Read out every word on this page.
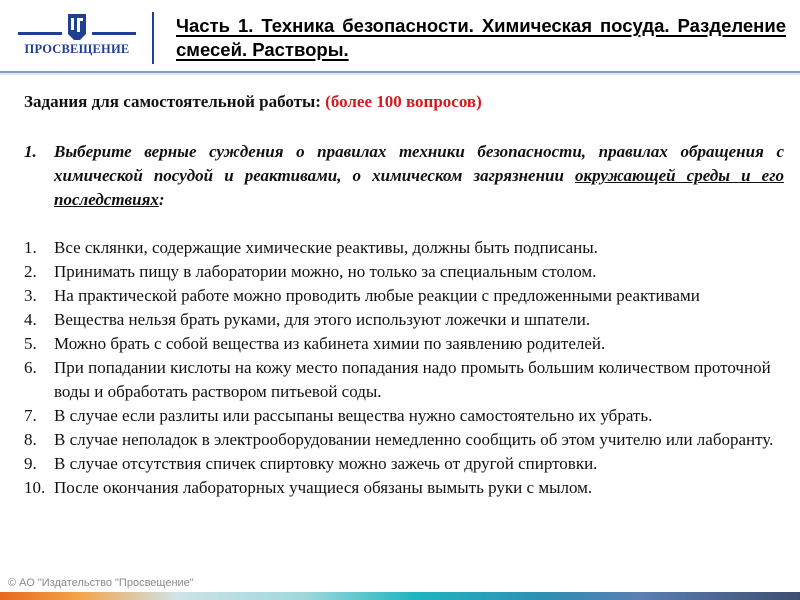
ПРОСВЕЩЕНИЕ
Часть 1. Техника безопасности. Химическая посуда. Разделение смесей. Растворы.
Задания для самостоятельной работы: (более 100 вопросов)
1.	Выберите верные суждения о правилах техники безопасности, правилах обращения с химической посудой и реактивами, о химическом загрязнении окружающей среды и его последствиях:
1.	Все склянки, содержащие химические реактивы, должны быть подписаны.
2.	Принимать пищу в лаборатории можно, но только за специальным столом.
3.	На практической работе можно проводить любые реакции с предложенными реактивами
4.	Вещества нельзя брать руками, для этого используют ложечки и шпатели.
5.	Можно брать с собой вещества из кабинета химии по заявлению родителей.
6.	При попадании кислоты на кожу место попадания надо промыть большим количеством проточной воды и обработать раствором питьевой соды.
7.	В случае если разлиты или рассыпаны вещества нужно самостоятельно их убрать.
8.	В случае неполадок в электрооборудовании немедленно сообщить об этом учителю или лаборанту.
9.	В случае отсутствия спичек спиртовку можно зажечь от другой спиртовки.
10. После окончания лабораторных учащиеся обязаны вымыть руки с мылом.
© АО "Издательство "Просвещение"
